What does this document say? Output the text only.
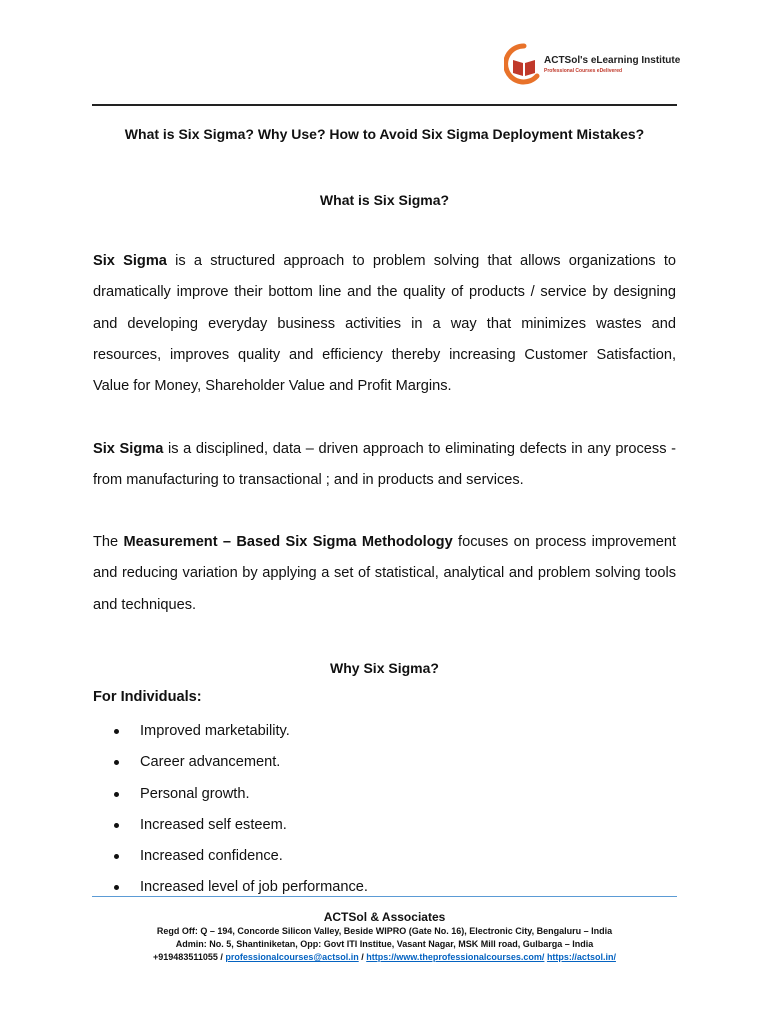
ACTSol's eLearning Institute
Professional Courses eDelivered
What is Six Sigma? Why Use? How to Avoid Six Sigma Deployment Mistakes?
What is Six Sigma?

Six Sigma is a structured approach to problem solving that allows organizations to dramatically improve their bottom line and the quality of products / service by designing and developing everyday business activities in a way that minimizes wastes and resources, improves quality and efficiency thereby increasing Customer Satisfaction, Value for Money, Shareholder Value and Profit Margins.

Six Sigma is a disciplined, data – driven approach to eliminating defects in any process - from manufacturing to transactional ; and in products and services.

The Measurement – Based Six Sigma Methodology focuses on process improvement and reducing variation by applying a set of statistical, analytical and problem solving tools and techniques.

Why Six Sigma?
For Individuals:
Improved marketability.
Career advancement.
Personal growth.
Increased self esteem.
Increased confidence.
Increased level of job performance.
ACTSol & Associates
Regd Off: Q – 194, Concorde Silicon Valley, Beside WIPRO (Gate No. 16), Electronic City, Bengaluru – India
Admin: No. 5, Shantiniketan, Opp: Govt ITI Institue, Vasant Nagar, MSK Mill road, Gulbarga – India
+919483511055 / professionalcourses@actsol.in / https://www.theprofessionalcourses.com/ https://actsol.in/
